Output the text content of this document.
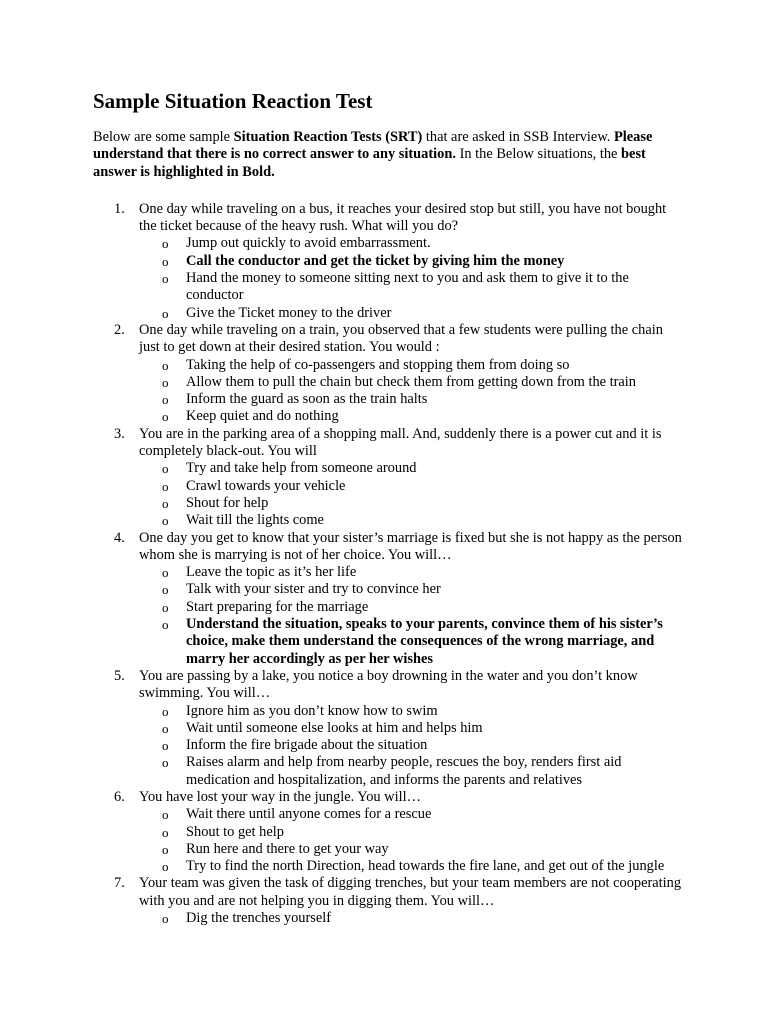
Sample Situation Reaction Test

Below are some sample Situation Reaction Tests (SRT) that are asked in SSB Interview. Please understand that there is no correct answer to any situation. In the Below situations, the best answer is highlighted in Bold.

1. One day while traveling on a bus, it reaches your desired stop but still, you have not bought the ticket because of the heavy rush. What will you do?
o Jump out quickly to avoid embarrassment.
o Call the conductor and get the ticket by giving him the money
o Hand the money to someone sitting next to you and ask them to give it to the conductor
o Give the Ticket money to the driver
2. One day while traveling on a train, you observed that a few students were pulling the chain just to get down at their desired station. You would :
o Taking the help of co-passengers and stopping them from doing so
o Allow them to pull the chain but check them from getting down from the train
o Inform the guard as soon as the train halts
o Keep quiet and do nothing
3. You are in the parking area of a shopping mall. And, suddenly there is a power cut and it is completely black-out. You will
o Try and take help from someone around
o Crawl towards your vehicle
o Shout for help
o Wait till the lights come
4. One day you get to know that your sister’s marriage is fixed but she is not happy as the person whom she is marrying is not of her choice. You will…
o Leave the topic as it’s her life
o Talk with your sister and try to convince her
o Start preparing for the marriage
o Understand the situation, speaks to your parents, convince them of his sister’s choice, make them understand the consequences of the wrong marriage, and marry her accordingly as per her wishes
5. You are passing by a lake, you notice a boy drowning in the water and you don’t know swimming. You will…
o Ignore him as you don’t know how to swim
o Wait until someone else looks at him and helps him
o Inform the fire brigade about the situation
o Raises alarm and help from nearby people, rescues the boy, renders first aid medication and hospitalization, and informs the parents and relatives
6. You have lost your way in the jungle. You will…
o Wait there until anyone comes for a rescue
o Shout to get help
o Run here and there to get your way
o Try to find the north Direction, head towards the fire lane, and get out of the jungle
7. Your team was given the task of digging trenches, but your team members are not cooperating with you and are not helping you in digging them. You will…
o Dig the trenches yourself
